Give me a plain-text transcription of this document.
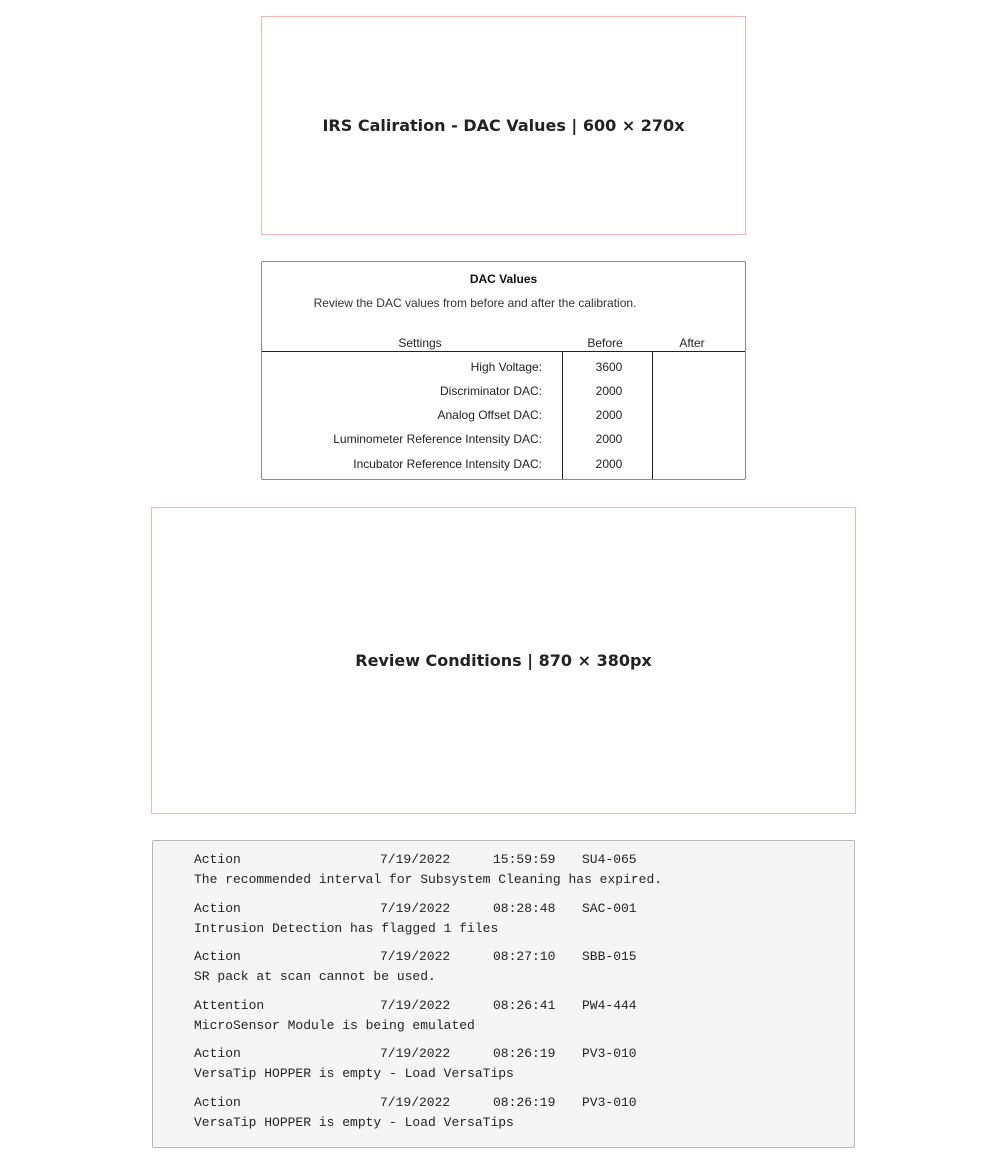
IRS Caliration - DAC Values | 600 × 270x
DAC Values
Review the DAC values from before and after the calibration.
Settings	Before	After
High Voltage:	3600
Discriminator DAC:	2000
Analog Offset DAC:	2000
Luminometer Reference Intensity DAC:	2000
Incubator Reference Intensity DAC:	2000
Review Conditions | 870 × 380px
Action	7/19/2022	15:59:59 SU4-065
The recommended interval for Subsystem Cleaning has expired.
Action	7/19/2022	08:28:48 SAC-001
Intrusion Detection has flagged 1 files
Action	7/19/2022	08:27:10 SBB-015
SR pack at scan cannot be used.
Attention	7/19/2022	08:26:41 PW4-444
MicroSensor Module is being emulated
Action	7/19/2022	08:26:19 PV3-010
VersaTip HOPPER is empty - Load VersaTips
Action	7/19/2022	08:26:19 PV3-010
VersaTip HOPPER is empty - Load VersaTips
